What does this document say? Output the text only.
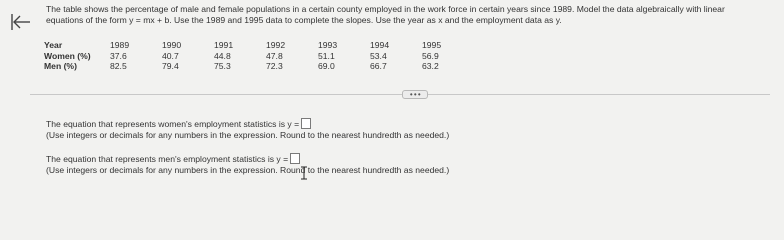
The table shows the percentage of male and female populations in a certain county employed in the work force in certain years since 1989. Model the data algebraically with linear

equations of the form y = mx + b. Use the 1989 and 1995 data to complete the slopes. Use the year as x and the employment data as y.

Year	1989	1990	1991	1992	1993	1994	1995
Women (%)	37.6	40.7	44.8	47.8	51.1	53.4	56.9
Men (%)	82.5	79.4	75.3	72.3	69.0	66.7	63.2
• • •
The equation that represents women's employment statistics is y =
(Use integers or decimals for any numbers in the expression. Round to the nearest hundredth as needed.)
The equation that represents men's employment statistics is y =
(Use integers or decimals for any numbers in the expression. Round to the nearest hundredth as needed.)
